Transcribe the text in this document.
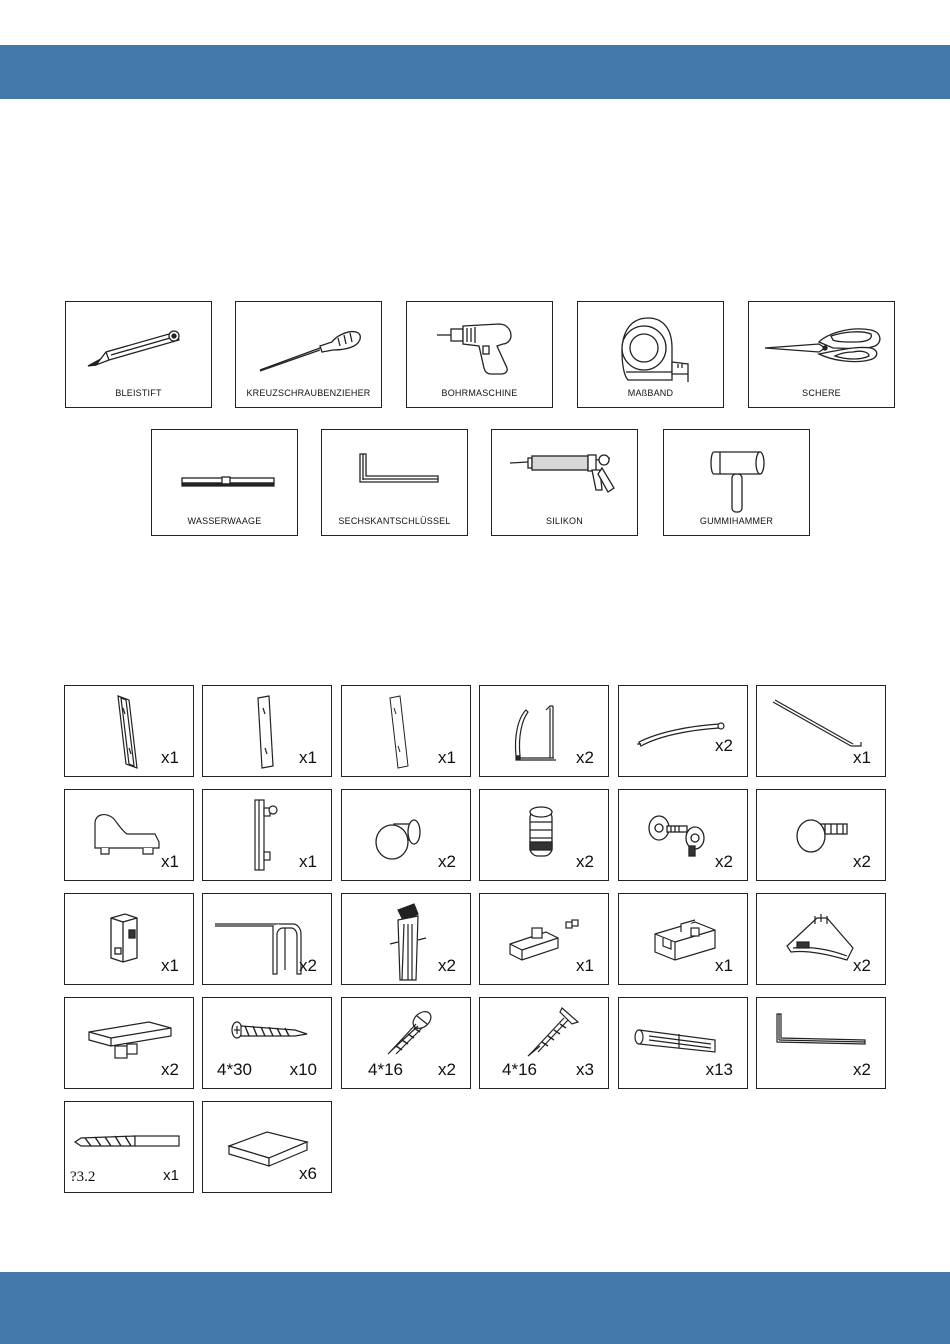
BLEISTIFT	KREUZSCHRAUBENZIEHER	BOHRMASCHINE	MAßBAND	SCHERE
WASSERWAAGE	SECHSKANTSCHLÜSSEL	SILIKON	GUMMIHAMMER
x1	x1	x1	x2
x2
x1
x1	x1	x2	x2	x2	x2
x1	x2	x2	x1	x1	x2
x2 4*30 x10	4*16 x2	4*16 x3	x13	x2
?3.2	x1	x6
